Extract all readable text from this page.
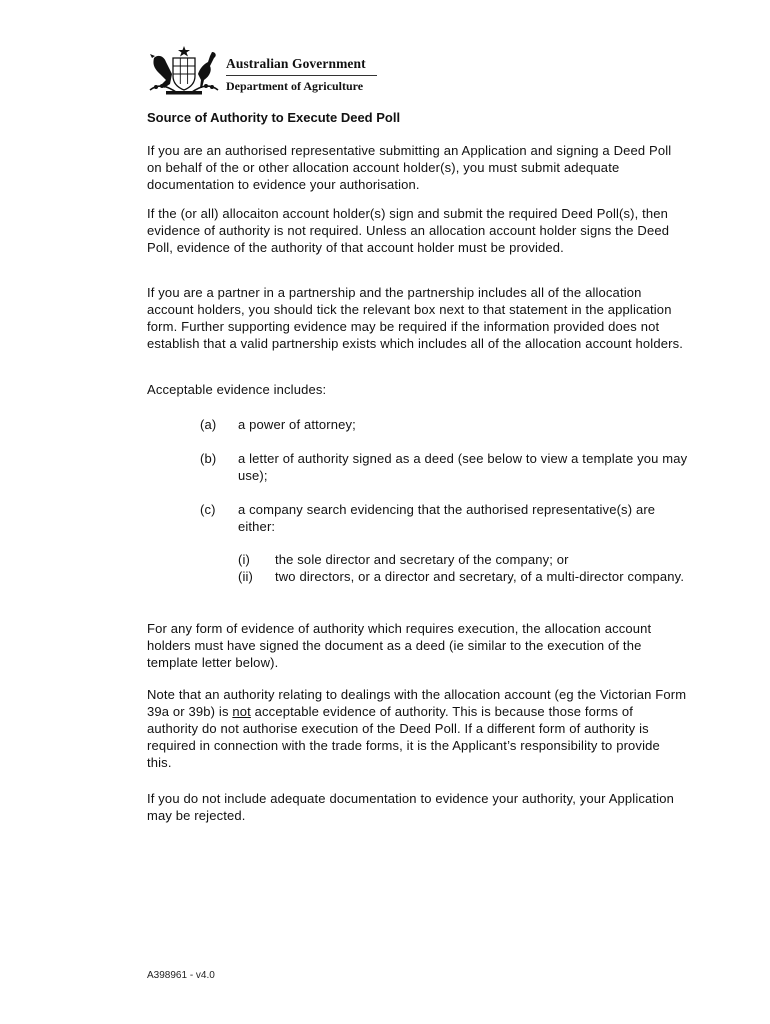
Australian Government
Department of Agriculture
Source of Authority to Execute Deed Poll

If you are an authorised representative submitting an Application and signing a Deed Poll on behalf of the or other allocation account holder(s), you must submit adequate documentation to evidence your authorisation.

If the (or all) allocaiton account holder(s) sign and submit the required Deed Poll(s), then evidence of authority is not required. Unless an allocation account holder signs the Deed Poll, evidence of the authority of that account holder must be provided.

If you are a partner in a partnership and the partnership includes all of the allocation account holders, you should tick the relevant box next to that statement in the application form. Further supporting evidence may be required if the information provided does not establish that a valid partnership exists which includes all of the allocation account holders.

Acceptable evidence includes:

(a) a power of attorney;
(b) a letter of authority signed as a deed (see below to view a template you may use);
(c) a company search evidencing that the authorised representative(s) are either:
(i) the sole director and secretary of the company; or
(ii) two directors, or a director and secretary, of a multi-director company.

For any form of evidence of authority which requires execution, the allocation account holders must have signed the document as a deed (ie similar to the execution of the template letter below).

Note that an authority relating to dealings with the allocation account (eg the Victorian Form 39a or 39b) is not acceptable evidence of authority. This is because those forms of authority do not authorise execution of the Deed Poll. If a different form of authority is required in connection with the trade forms, it is the Applicant’s responsibility to provide this.

If you do not include adequate documentation to evidence your authority, your Application may be rejected.

A398961 - v4.0
